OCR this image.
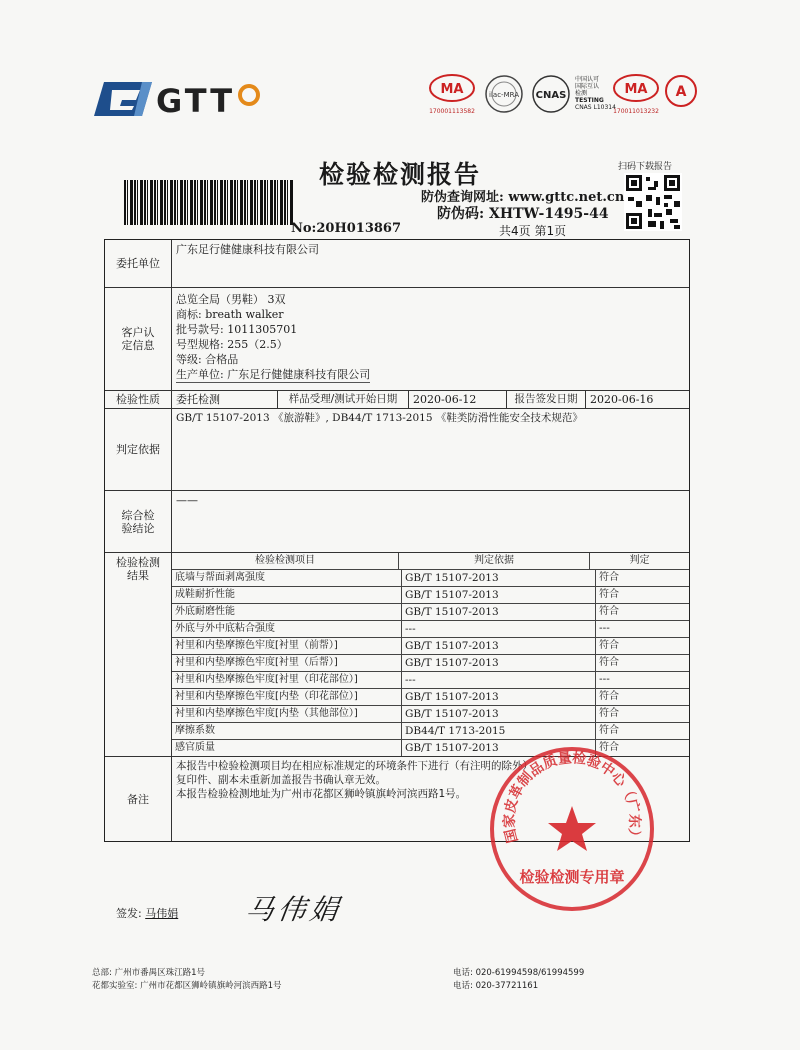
GTT	MA
170001113582
ilac-MRA CNAS
中国认可
国际互认
检测
TESTING
CNAS L10314
MA
170011013232
A
检验检测报告	扫码下载报告
防伪查询网址: www.gttc.net.cn
防伪码: XHTW-1495-44
No:20H013867	共4页 第1页
委托单位
广东足行健健康科技有限公司
客户认定信息
总览全局（男鞋） 3双
商标: breath walker
批号款号: 1011305701
号型规格: 255（2.5）
等级: 合格品
生产单位: 广东足行健健康科技有限公司
检验性质	委托检测	样品受理/测试开始日期	2020-06-12	报告签发日期	2020-06-16
判定依据
GB/T 15107-2013 《旅游鞋》, DB44/T 1713-2015 《鞋类防滑性能安全技术规范》
综合检验结论
——
检验检测结果
检验检测项目	判定依据	判定
底墙与帮面剥离强度	GB/T 15107-2013	符合
成鞋耐折性能	GB/T 15107-2013	符合
外底耐磨性能	GB/T 15107-2013	符合
外底与外中底粘合强度	---	---
衬里和内垫摩擦色牢度[衬里（前帮）]	GB/T 15107-2013	符合
衬里和内垫摩擦色牢度[衬里（后帮）]	GB/T 15107-2013	符合
衬里和内垫摩擦色牢度[衬里（印花部位）]	---	---
衬里和内垫摩擦色牢度[内垫（印花部位）]	GB/T 15107-2013	符合
衬里和内垫摩擦色牢度[内垫（其他部位）]	GB/T 15107-2013	符合
摩擦系数	DB44/T 1713-2015	符合
感官质量	GB/T 15107-2013	符合
备注
本报告中检验检测项目均在相应标准规定的环境条件下进行（有注明的除外）
复印件、副本未重新加盖报告书确认章无效。
本报告检验检测地址为广州市花都区狮岭镇旗岭河滨西路1号。
国家皮革制品质量检验中心（广东）
检验检测专用章
签发: 马伟娟 马伟娟
总部: 广州市番禺区珠江路1号
花都实验室: 广州市花都区狮岭镇旗岭河滨西路1号
电话: 020-61994598/61994599
电话: 020-37721161
